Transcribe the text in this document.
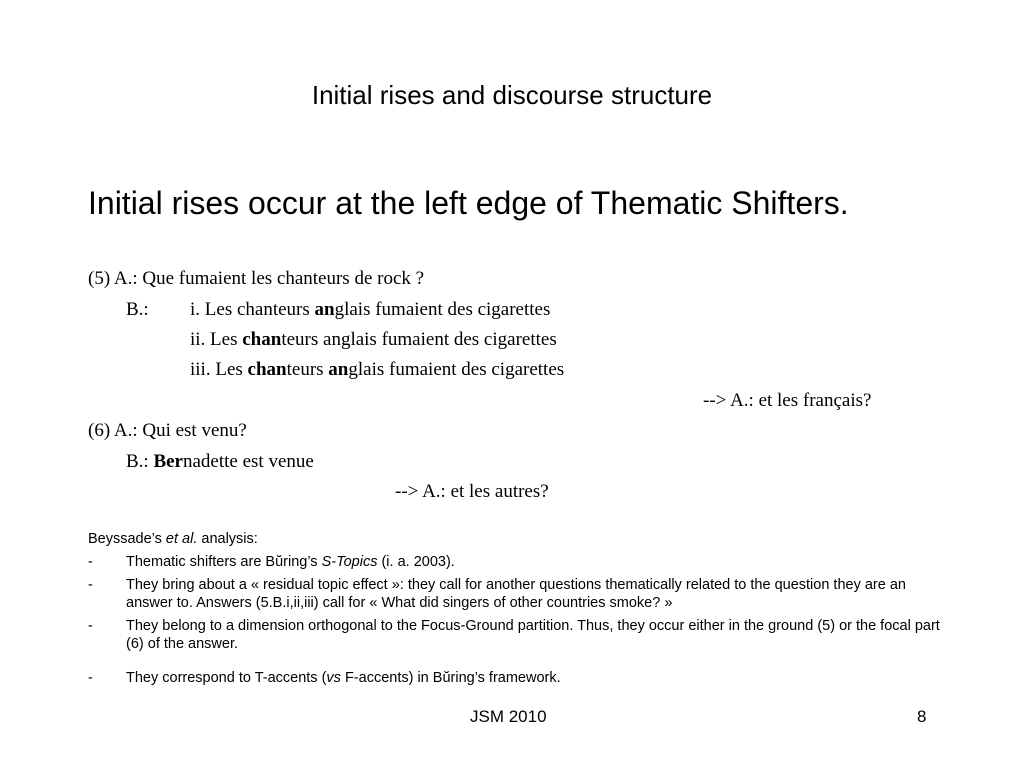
Initial rises and discourse structure
Initial rises occur at the left edge of Thematic Shifters.
(5) A.: Que fumaient les chanteurs de rock ?
B.: i. Les chanteurs anglais fumaient des cigarettes
ii. Les chanteurs anglais fumaient des cigarettes
iii. Les chanteurs anglais fumaient des cigarettes
--> A.: et les français?
(6) A.: Qui est venu?
B.: Bernadette est venue
--> A.: et les autres?
Beyssade’s et al. analysis:
- Thematic shifters are Bŭring’s S-Topics (i. a. 2003).
- They bring about a « residual topic effect »: they call for another questions thematically related to the question they are an answer to. Answers (5.B.i,ii,iii) call for « What did singers of other countries smoke? »
- They belong to a dimension orthogonal to the Focus-Ground partition. Thus, they occur either in the ground (5) or the focal part (6) of the answer.
- They correspond to T-accents (vs F-accents) in Bŭring’s framework.
JSM 2010	8
